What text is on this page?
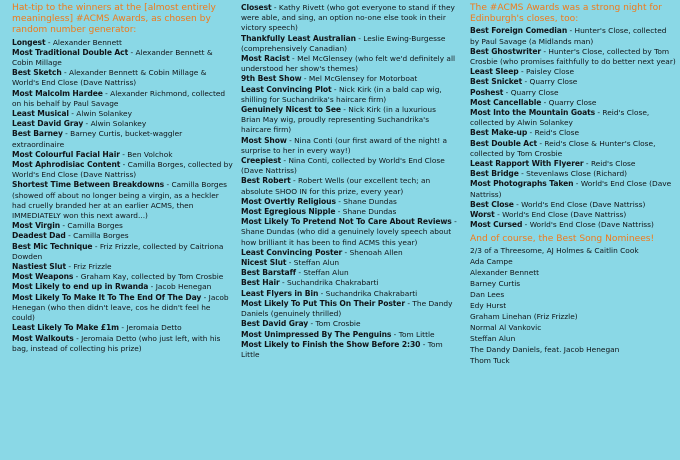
Hat-tip to the winners at the [almost entirely meaningless] #ACMS Awards, as chosen by random number generator:

Longest - Alexander Bennett

Most Traditional Double Act - Alexander Bennett & Cobin Millage

Best Sketch - Alexander Bennett & Cobin Millage & World's End Close (Dave Nattriss)

Most Malcolm Hardee - Alexander Richmond, collected on his behalf by Paul Savage

Least Musical - Alwin Solankey

Least David Gray - Alwin Solankey

Best Barney - Barney Curtis, bucket-waggler extraordinaire

Most Colourful Facial Hair - Ben Volchok

Most Aphrodisiac Content - Camilla Borges, collected by World's End Close (Dave Nattriss)

Shortest Time Between Breakdowns - Camilla Borges (showed off about no longer being a virgin, as a heckler had cruelly branded her at an earlier ACMS, then IMMEDIATELY won this next award...)

Most Virgin - Camilla Borges

Deadest Dad - Camilla Borges

Best Mic Technique - Friz Frizzle, collected by Caitriona Dowden

Nastiest Slut - Friz Frizzle

Most Weapons - Graham Kay, collected by Tom Crosbie

Most Likely to end up in Rwanda - Jacob Henegan

Most Likely To Make It To The End Of The Day - Jacob Henegan (who then didn't leave, cos he didn't feel he could)

Least Likely To Make £1m - Jeromaia Detto

Most Walkouts - Jeromaia Detto (who just left, with his bag, instead of collecting his prize)

Closest - Kathy Rivett (who got everyone to stand if they were able, and sing, an option no-one else took in their victory speech)

Thankfully Least Australian - Leslie Ewing-Burgesse (comprehensively Canadian)

Most Racist - Mel McGlensey (who felt we'd definitely all understood her show's themes)

9th Best Show - Mel McGlensey for Motorboat

Least Convincing Plot - Nick Kirk (in a bald cap wig, shilling for Suchandrika's haircare firm)

Genuinely Nicest to See - Nick Kirk (in a luxurious Brian May wig, proudly representing Suchandrika's haircare firm)

Most Show - Nina Conti (our first award of the night! a surprise to her in every way!)

Creepiest - Nina Conti, collected by World's End Close (Dave Nattriss)

Best Robert - Robert Wells (our excellent tech; an absolute SHOO IN for this prize, every year)

Most Overtly Religious - Shane Dundas

Most Egregious Nipple - Shane Dundas

Most Likely To Pretend Not To Care About Reviews - Shane Dundas (who did a genuinely lovely speech about how brilliant it has been to find ACMS this year)

Least Convincing Poster - Shenoah Allen

Nicest Slut - Steffan Alun

Best Barstaff - Steffan Alun

Best Hair - Suchandrika Chakrabarti

Least Flyers in Bin - Suchandrika Chakrabarti

Most Likely To Put This On Their Poster - The Dandy Daniels (genuinely thrilled)

Best David Gray - Tom Crosbie

Most Unimpressed By The Penguins - Tom Little

Most Likely to Finish the Show Before 2:30 - Tom Little

The #ACMS Awards was a strong night for Edinburgh's closes, too:

Best Foreign Comedian - Hunter's Close, collected by Paul Savage (a Midlands man)

Best Ghostwriter - Hunter's Close, collected by Tom Crosbie (who promises faithfully to do better next year)

Least Sleep - Paisley Close

Best Snicket - Quarry Close

Poshest - Quarry Close

Most Cancellable - Quarry Close

Most Into the Mountain Goats - Reid's Close, collected by Alwin Solankey

Best Make-up - Reid's Close

Best Double Act - Reid's Close & Hunter's Close, collected by Tom Crosbie

Least Rapport With Flyerer - Reid's Close

Best Bridge - Stevenlaws Close (Richard)

Most Photographs Taken - World's End Close (Dave Nattriss)

Best Close - World's End Close (Dave Nattriss)

Worst - World's End Close (Dave Nattriss)

Most Cursed - World's End Close (Dave Nattriss)

And of course, the Best Song Nominees!

2/3 of a Threesome, AJ Holmes & Caitlin Cook

Ada Campe

Alexander Bennett

Barney Curtis

Dan Lees

Edy Hurst

Graham Linehan (Friz Frizzle)

Normal Al Vankovic

Steffan Alun

The Dandy Daniels, feat. Jacob Henegan

Thom Tuck
